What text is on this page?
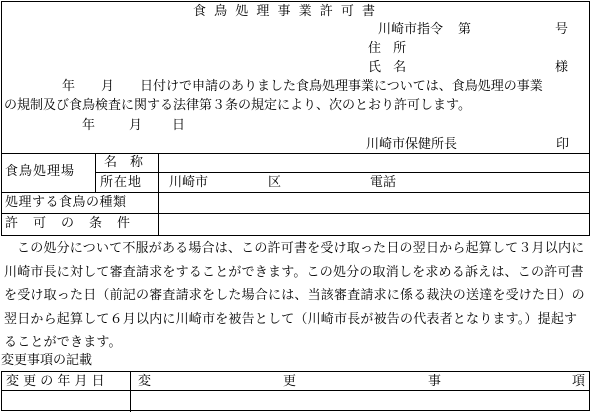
食 鳥 処 理 事 業 許 可 書
川崎市指令 第	号
住 所
氏 名	様
年　　月　　日付けで申請のありました食鳥処理事業については、食鳥処理の事業
の規制及び食鳥検査に関する法律第３条の規定により、次のとおり許可します。
年	月 日
川崎市保健所長	印
食鳥処理場
名　称
所在地 川崎市	区	電話
処理する食鳥の種類
許　可　の　条　件
この処分について不服がある場合は、この許可書を受け取った日の翌日から起算して３月以内に川崎市長に対して審査請求をすることができます。この処分の取消しを求める訴えは、この許可書を受け取った日（前記の審査請求をした場合には、当該審査請求に係る裁決の送達を受けた日）の翌日から起算して６月以内に川崎市を被告として（川崎市長が被告の代表者となります。）提起することができます。
変更事項の記載
変 更 の 年 月 日	変	更	事	項
